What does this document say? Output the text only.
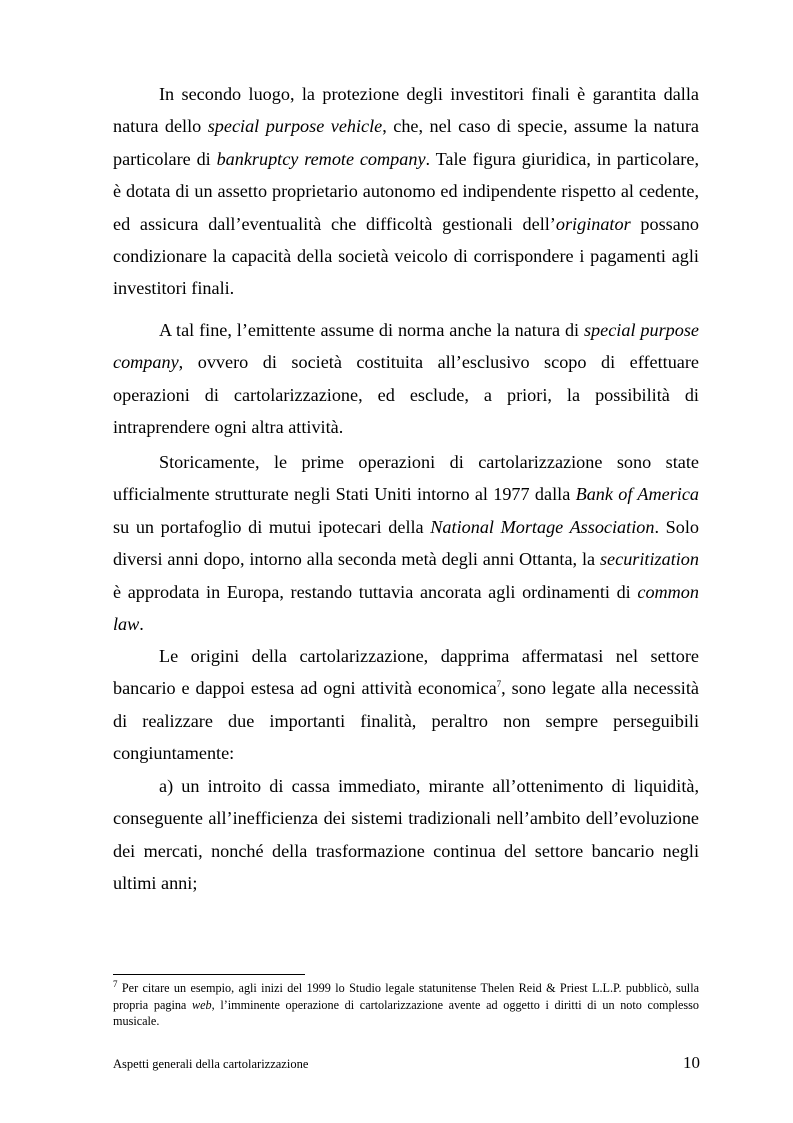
In secondo luogo, la protezione degli investitori finali è garantita dalla natura dello special purpose vehicle, che, nel caso di specie, assume la natura particolare di bankruptcy remote company. Tale figura giuridica, in particolare, è dotata di un assetto proprietario autonomo ed indipendente rispetto al cedente, ed assicura dall’eventualità che difficoltà gestionali dell’originator possano condizionare la capacità della società veicolo di corrispondere i pagamenti agli investitori finali.

A tal fine, l’emittente assume di norma anche la natura di special purpose company, ovvero di società costituita all’esclusivo scopo di effettuare operazioni di cartolarizzazione, ed esclude, a priori, la possibilità di intraprendere ogni altra attività.

Storicamente, le prime operazioni di cartolarizzazione sono state ufficialmente strutturate negli Stati Uniti intorno al 1977 dalla Bank of America su un portafoglio di mutui ipotecari della National Mortage Association. Solo diversi anni dopo, intorno alla seconda metà degli anni Ottanta, la securitization è approdata in Europa, restando tuttavia ancorata agli ordinamenti di common law.

Le origini della cartolarizzazione, dapprima affermatasi nel settore bancario e dappoi estesa ad ogni attività economica$^7$, sono legate alla necessità di realizzare due importanti finalità, peraltro non sempre perseguibili congiuntamente:

a) un introito di cassa immediato, mirante all’ottenimento di liquidità, conseguente all’inefficienza dei sistemi tradizionali nell’ambito dell’evoluzione dei mercati, nonché della trasformazione continua del settore bancario negli ultimi anni;

$^7$ Per citare un esempio, agli inizi del 1999 lo Studio legale statunitense Thelen Reid & Priest L.L.P. pubblicò, sulla propria pagina web, l’imminente operazione di cartolarizzazione avente ad oggetto i diritti di un noto complesso musicale.

Aspetti generali della cartolarizzazione	10
